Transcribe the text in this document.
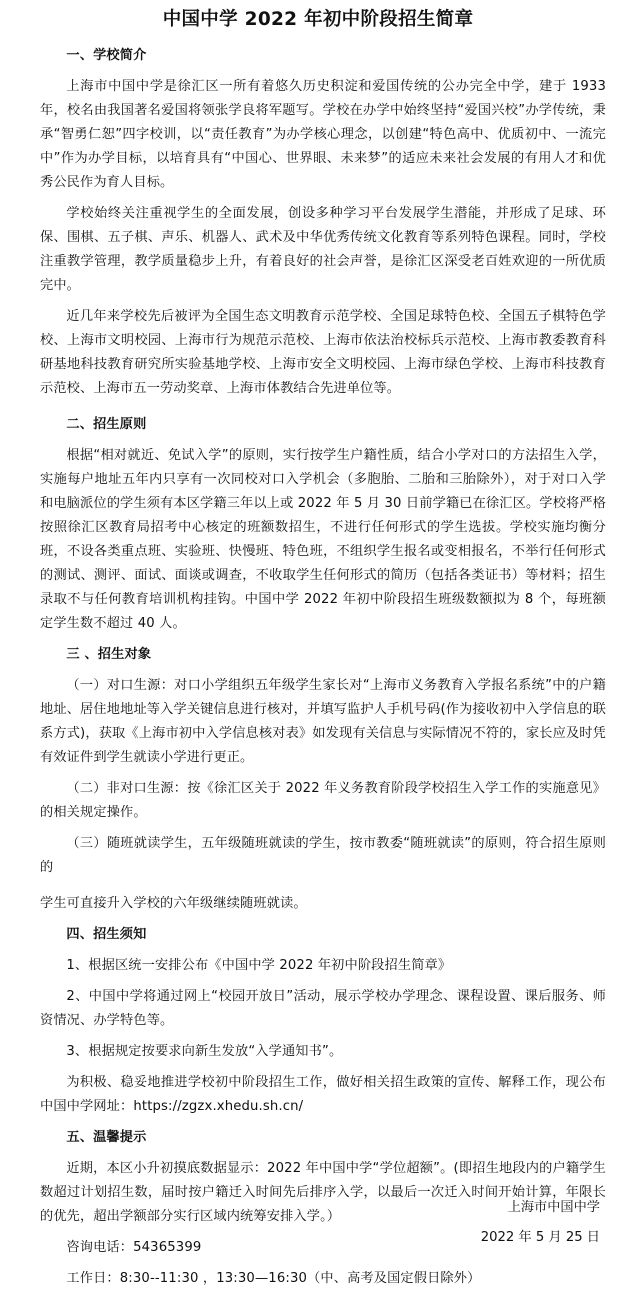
中国中学 2022 年初中阶段招生简章

一、学校简介

上海市中国中学是徐汇区一所有着悠久历史积淀和爱国传统的公办完全中学，建于 1933 年，校名由我国著名爱国将领张学良将军题写。学校在办学中始终坚持“爱国兴校”办学传统，秉承“智勇仁恕”四字校训，以“责任教育”为办学核心理念，以创建“特色高中、优质初中、一流完中”作为办学目标，以培育具有“中国心、世界眼、未来梦”的适应未来社会发展的有用人才和优秀公民作为育人目标。

学校始终关注重视学生的全面发展，创设多种学习平台发展学生潜能，并形成了足球、环保、围棋、五子棋、声乐、机器人、武术及中华优秀传统文化教育等系列特色课程。同时，学校注重教学管理，教学质量稳步上升，有着良好的社会声誉，是徐汇区深受老百姓欢迎的一所优质完中。

近几年来学校先后被评为全国生态文明教育示范学校、全国足球特色校、全国五子棋特色学校、上海市文明校园、上海市行为规范示范校、上海市依法治校标兵示范校、上海市教委教育科研基地科技教育研究所实验基地学校、上海市安全文明校园、上海市绿色学校、上海市科技教育示范校、上海市五一劳动奖章、上海市体教结合先进单位等。

二、招生原则

根据“相对就近、免试入学”的原则，实行按学生户籍性质，结合小学对口的方法招生入学，实施每户地址五年内只享有一次同校对口入学机会（多胞胎、二胎和三胎除外），对于对口入学和电脑派位的学生须有本区学籍三年以上或 2022 年 5 月 30 日前学籍已在徐汇区。学校将严格按照徐汇区教育局招考中心核定的班额数招生，不进行任何形式的学生选拔。学校实施均衡分班，不设各类重点班、实验班、快慢班、特色班，不组织学生报名或变相报名，不举行任何形式的测试、测评、面试、面谈或调查，不收取学生任何形式的简历（包括各类证书）等材料；招生录取不与任何教育培训机构挂钩。中国中学 2022 年初中阶段招生班级数额拟为 8 个，每班额定学生数不超过 40 人。

三 、招生对象

（一）对口生源：对口小学组织五年级学生家长对“上海市义务教育入学报名系统”中的户籍地址、居住地地址等入学关键信息进行核对，并填写监护人手机号码(作为接收初中入学信息的联系方式)，获取《上海市初中入学信息核对表》如发现有关信息与实际情况不符的，家长应及时凭有效证件到学生就读小学进行更正。

（二）非对口生源：按《徐汇区关于 2022 年义务教育阶段学校招生入学工作的实施意见》的相关规定操作。

（三）随班就读学生，五年级随班就读的学生，按市教委“随班就读”的原则，符合招生原则的

学生可直接升入学校的六年级继续随班就读。

四、招生须知

1、根据区统一安排公布《中国中学 2022 年初中阶段招生简章》

2、中国中学将通过网上“校园开放日”活动，展示学校办学理念、课程设置、课后服务、师资情况、办学特色等。

3、根据规定按要求向新生发放“入学通知书”。

为积极、稳妥地推进学校初中阶段招生工作，做好相关招生政策的宣传、解释工作，现公布中国中学网址：https://zgzx.xhedu.sh.cn/

五、温馨提示

近期，本区小升初摸底数据显示：2022 年中国中学“学位超额”。(即招生地段内的户籍学生数超过计划招生数，届时按户籍迁入时间先后排序入学，以最后一次迁入时间开始计算，年限长的优先，超出学额部分实行区域内统筹安排入学。）

咨询电话：54365399

工作日：8:30--11:30 ，13:30—16:30（中、高考及国定假日除外）

上海市中国中学
2022 年 5 月 25 日
